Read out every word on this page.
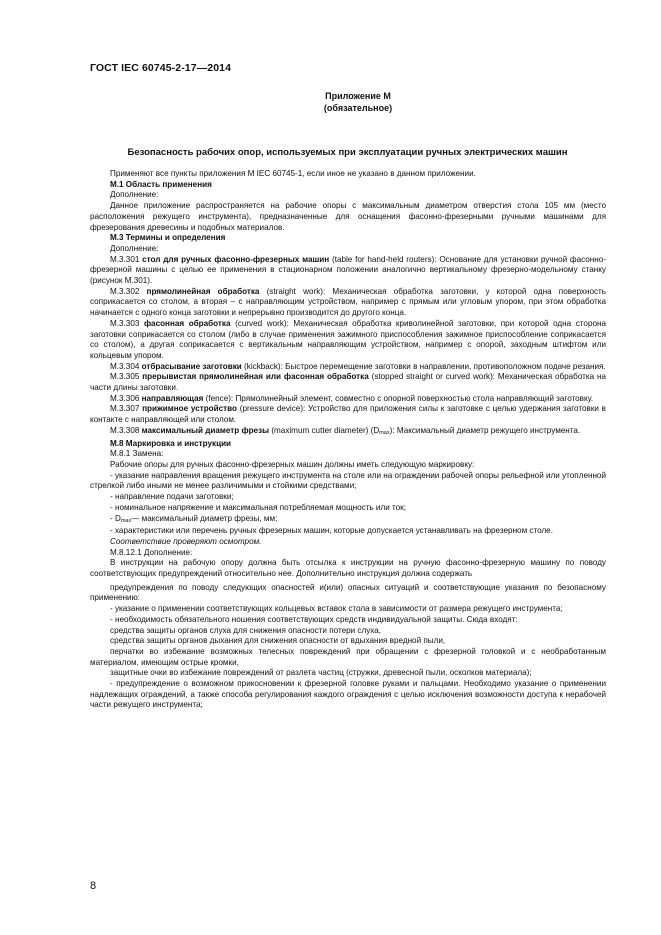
ГОСТ IEC 60745-2-17—2014
Приложение М
(обязательное)
Безопасность рабочих опор, используемых при эксплуатации ручных электрических машин

Применяют все пункты приложения М IEC 60745-1, если иное не указано в данном приложении.

М.1 Область применения

Дополнение:

Данное приложение распространяется на рабочие опоры с максимальным диаметром отверстия стола 105 мм (место расположения режущего инструмента), предназначенные для оснащения фасонно-фрезерными ручными машинами для фрезерования древесины и подобных материалов.

М.3 Термины и определения

Дополнение:

М.3.301 стол для ручных фасонно-фрезерных машин (table for hand-held routers): Основание для установки ручной фасонно-фрезерной машины с целью ее применения в стационарном положении аналогично вертикальному фрезерно-модельному станку (рисунок М.301).

М.3.302 прямолинейная обработка (straight work): Механическая обработка заготовки, у которой одна поверхность соприкасается со столом, а вторая – с направляющим устройством, например с прямым или угловым упором, при этом обработка начинается с одного конца заготовки и непрерывно производится до другого конца.

М.3.303 фасонная обработка (curved work): Механическая обработка криволинейной заготовки, при которой одна сторона заготовки соприкасается со столом (либо в случае применения зажимного приспособления зажимное приспособление соприкасается со столом), а другая соприкасается с вертикальным направляющим устройством, например с опорой, заходным штифтом или кольцевым упором.

М.3.304 отбрасывание заготовки (kickback): Быстрое перемещение заготовки в направлении, противоположном подаче резания.

М.3.305 прерывистая прямолинейная или фасонная обработка (stopped straight or curved work): Механическая обработка на части длины заготовки.

М.3.306 направляющая (fence): Прямолинейный элемент, совместно с опорной поверхностью стола направляющий заготовку.

М.3.307 прижимное устройство (pressure device): Устройство для приложения силы к заготовке с целью удержания заготовки в контакте с направляющей или столом.

М.3.308 максимальный диаметр фрезы (maximum cutter diameter) (Dmax): Максимальный диаметр режущего инструмента.

М.8 Маркировка и инструкции

М.8.1 Замена:

Рабочие опоры для ручных фасонно-фрезерных машин должны иметь следующую маркировку:

- указание направления вращения режущего инструмента на столе или на ограждении рабочей опоры рельефной или утопленной стрелкой либо иными не менее различимыми и стойкими средствами;

- направление подачи заготовки;

- номинальное напряжение и максимальная потребляемая мощность или ток;

- Dmax— максимальный диаметр фрезы, мм;

- характеристики или перечень ручных фрезерных машин, которые допускается устанавливать на фрезерном столе.

Соответствие проверяют осмотром.

М.8.12.1 Дополнение:

В инструкции на рабочую опору должна быть отсылка к инструкции на ручную фасонно-фрезерную машину по поводу соответствующих предупреждений относительно нее. Дополнительно инструкция должна содержать

предупреждения по поводу следующих опасностей и(или) опасных ситуаций и соответствующие указания по безопасному применению:

- указание о применении соответствующих кольцевых вставок стола в зависимости от размера режущего инструмента;

- необходимость обязательного ношения соответствующих средств индивидуальной защиты. Сюда входят:

средства защиты органов слуха для снижения опасности потери слуха,

средства защиты органов дыхания для снижения опасности от вдыхания вредной пыли,

перчатки во избежание возможных телесных повреждений при обращении с фрезерной головкой и с необработанным материалом, имеющим острые кромки,

защитные очки во избежание повреждений от разлета частиц (стружки, древесной пыли, осколков материала);

- предупреждение о возможном прикосновении к фрезерной головке руками и пальцами. Необходимо указание о применении надлежащих ограждений, а также способа регулирования каждого ограждения с целью исключения возможности доступа к нерабочей части режущего инструмента;

8
